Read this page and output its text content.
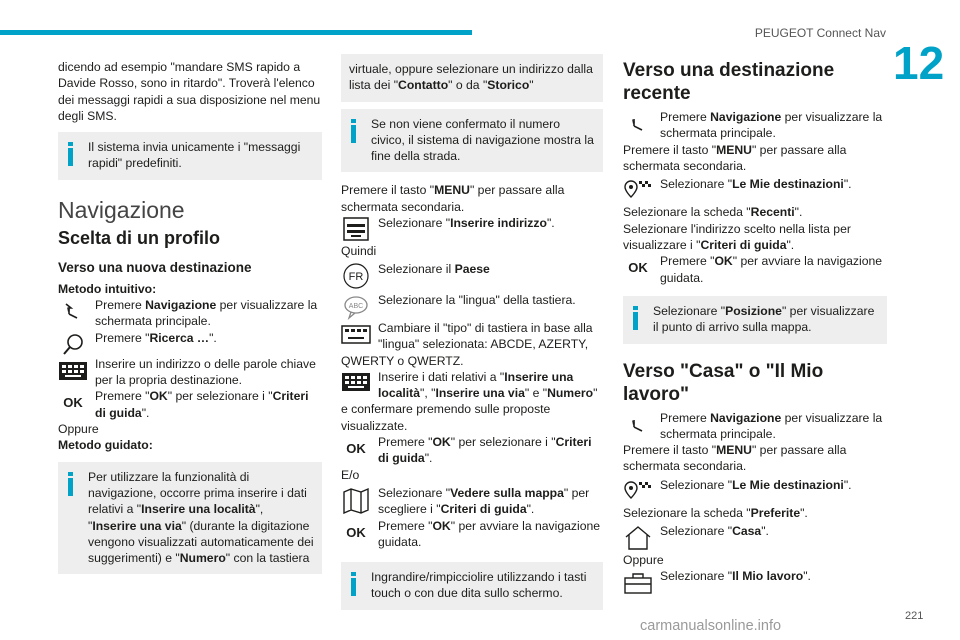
PEUGEOT Connect Nav
12

dicendo ad esempio "mandare SMS rapido a Davide Rosso, sono in ritardo". Troverà l'elenco dei messaggi rapidi a sua disposizione nel menu degli SMS.

Il sistema invia unicamente i "messaggi rapidi" predefiniti.
Navigazione
Scelta di un profilo
Verso una nuova destinazione

Metodo intuitivo:

Premere Navigazione per visualizzare la schermata principale.
Premere "Ricerca …".
Inserire un indirizzo o delle parole chiave per la propria destinazione.
OK	Premere "OK" per selezionare i "Criteri di guida".

Oppure

Metodo guidato:

Per utilizzare la funzionalità di navigazione, occorre prima inserire i dati relativi a "Inserire una località", "Inserire una via" (durante la digitazione vengono visualizzati automaticamente dei suggerimenti) e "Numero" con la tastiera
virtuale, oppure selezionare un indirizzo dalla lista dei "Contatto" o da "Storico"
Se non viene confermato il numero civico, il sistema di navigazione mostra la fine della strada.

Premere il tasto "MENU" per passare alla schermata secondaria.

Selezionare "Inserire indirizzo".

Quindi

FR
Selezionare il Paese
ABC Selezionare la "lingua" della tastiera.
Cambiare il "tipo" di tastiera in base alla "lingua" selezionata: ABCDE, AZERTY, QWERTY o QWERTZ.
Inserire i dati relativi a "Inserire una località", "Inserire una via" e "Numero" e confermare premendo sulle proposte visualizzate.
OK	Premere "OK" per selezionare i "Criteri di guida".

E/o

Selezionare "Vedere sulla mappa" per scegliere i "Criteri di guida".
OK	Premere "OK" per avviare la navigazione guidata.
Ingrandire/rimpicciolire utilizzando i tasti touch o con due dita sullo schermo.
Verso una destinazione recente
Premere Navigazione per visualizzare la schermata principale.

Premere il tasto "MENU" per passare alla schermata secondaria.

Selezionare "Le Mie destinazioni".

Selezionare la scheda "Recenti".

Selezionare l'indirizzo scelto nella lista per visualizzare i "Criteri di guida".

OK	Premere "OK" per avviare la navigazione guidata.
Selezionare "Posizione" per visualizzare il punto di arrivo sulla mappa.
Verso "Casa" o "Il Mio lavoro"
Premere Navigazione per visualizzare la schermata principale.

Premere il tasto "MENU" per passare alla schermata secondaria.

Selezionare "Le Mie destinazioni".

Selezionare la scheda "Preferite".

Selezionare "Casa".

Oppure

Selezionare "Il Mio lavoro".
221
carmanualsonline.info
